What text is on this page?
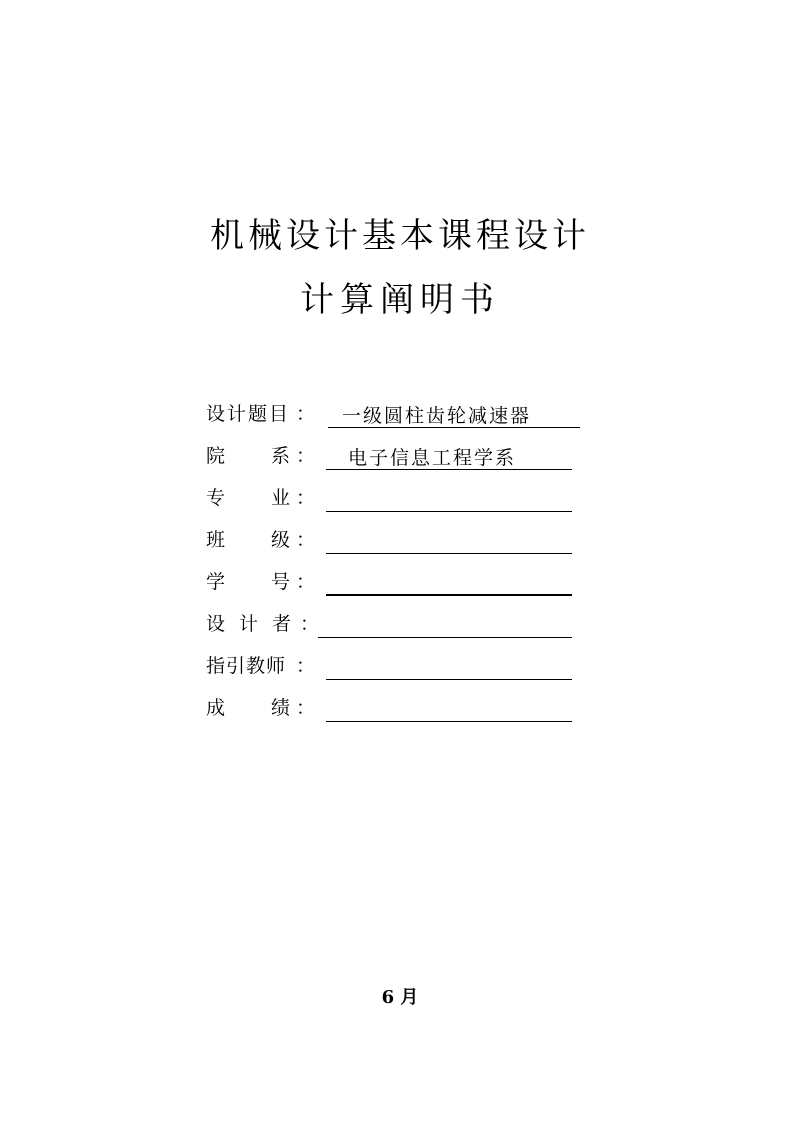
机械设计基本课程设计
计算阐明书
设计题目 ：	一级圆柱齿轮减速器
院 系 ：	电子信息工程学系
专 业 ：
班 级 ：
学 号 ：
设 计 者 ：
指引教师 ：
成 绩 ：
6 月
